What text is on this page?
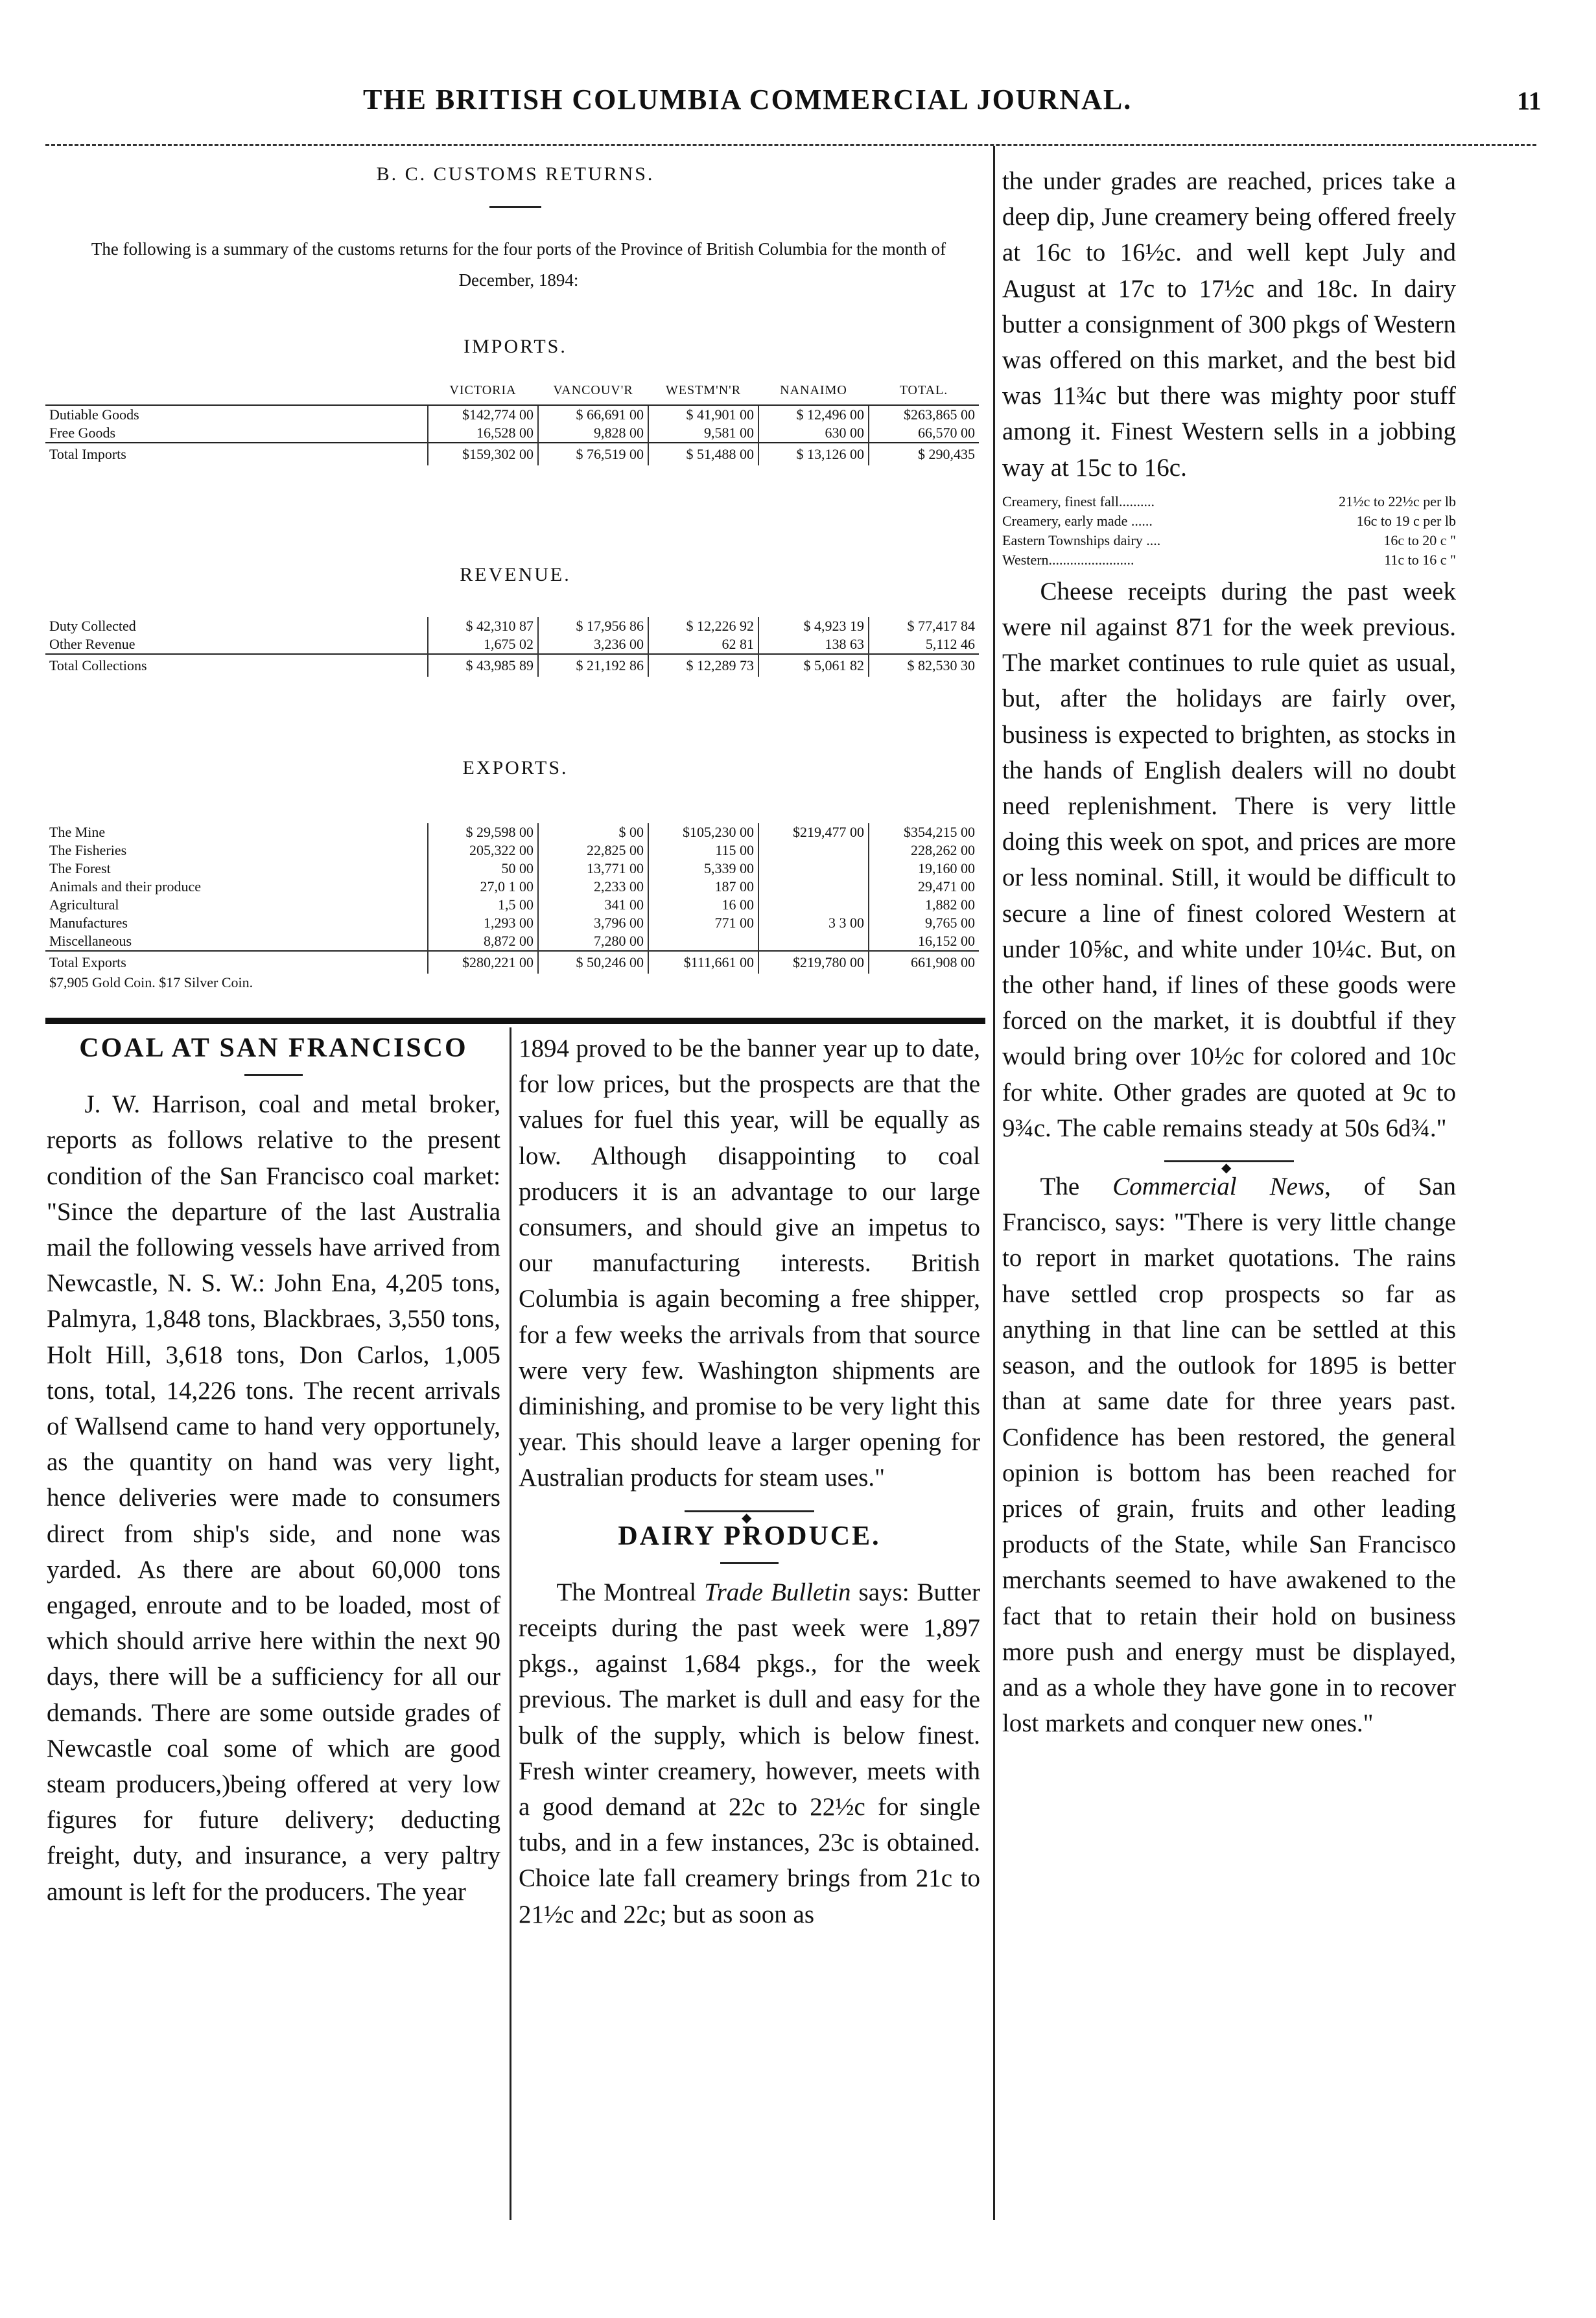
THE BRITISH COLUMBIA COMMERCIAL JOURNAL.	11
B. C. CUSTOMS RETURNS.
The following is a summary of the customs returns for the four ports of the Province of British Columbia for the month of December, 1894:
IMPORTS.
	VICTORIA	VANCOUV'R	WESTM'N'R	NANAIMO	TOTAL.
Dutiable Goods	$142,774 00	$ 66,691 00	$ 41,901 00	$ 12,496 00	$263,865 00
Free Goods	16,528 00	9,828 00	9,581 00	630 00	66,570 00
Total Imports	$159,302 00	$ 76,519 00	$ 51,488 00	$ 13,126 00	$ 290,435
REVENUE.
Duty Collected	$ 42,310 87	$ 17,956 86	$ 12,226 92	$ 4,923 19	$ 77,417 84
Other Revenue	1,675 02	3,236 00	62 81	138 63	5,112 46
Total Collections	$ 43,985 89	$ 21,192 86	$ 12,289 73	$ 5,061 82	$ 82,530 30
EXPORTS.
The Mine	$ 29,598 00	$ 00	$105,230 00	$219,477 00	$354,215 00
The Fisheries	205,322 00	22,825 00	115 00		228,262 00
The Forest	50 00	13,771 00	5,339 00		19,160 00
Animals and their produce	27,0 1 00	2,233 00	187 00		29,471 00
Agricultural	1,5 00	341 00	16 00		1,882 00
Manufactures	1,293 00	3,796 00	771 00	3 3 00	9,765 00
Miscellaneous	8,872 00	7,280 00			16,152 00
Total Exports	$280,221 00	$ 50,246 00	$111,661 00	$219,780 00	661,908 00
$7,905 Gold Coin. $17 Silver Coin.					
COAL AT SAN FRANCISCO

J. W. Harrison, coal and metal broker, reports as follows relative to the present condition of the San Francisco coal market: "Since the departure of the last Australia mail the following vessels have arrived from Newcastle, N. S. W.: John Ena, 4,205 tons, Palmyra, 1,848 tons, Blackbraes, 3,550 tons, Holt Hill, 3,618 tons, Don Carlos, 1,005 tons, total, 14,226 tons. The recent arrivals of Wallsend came to hand very opportunely, as the quantity on hand was very light, hence deliveries were made to consumers direct from ship's side, and none was yarded. As there are about 60,000 tons engaged, enroute and to be loaded, most of which should arrive here within the next 90 days, there will be a sufficiency for all our demands. There are some outside grades of Newcastle coal some of which are good steam producers,)being offered at very low figures for future delivery; deducting freight, duty, and insurance, a very paltry amount is left for the producers. The year

1894 proved to be the banner year up to date, for low prices, but the prospects are that the values for fuel this year, will be equally as low. Although disappointing to coal producers it is an advantage to our large consumers, and should give an impetus to our manufacturing interests. British Columbia is again becoming a free shipper, for a few weeks the arrivals from that source were very few. Washington shipments are diminishing, and promise to be very light this year. This should leave a larger opening for Australian products for steam uses."

◆
DAIRY PRODUCE.

The Montreal Trade Bulletin says: Butter receipts during the past week were 1,897 pkgs., against 1,684 pkgs., for the week previous. The market is dull and easy for the bulk of the supply, which is below finest. Fresh winter creamery, however, meets with a good demand at 22c to 22½c for single tubs, and in a few instances, 23c is obtained. Choice late fall creamery brings from 21c to 21½c and 22c; but as soon as

the under grades are reached, prices take a deep dip, June creamery being offered freely at 16c to 16½c. and well kept July and August at 17c to 17½c and 18c. In dairy butter a consignment of 300 pkgs of Western was offered on this market, and the best bid was 11¾c but there was mighty poor stuff among it. Finest Western sells in a jobbing way at 15c to 16c.

Creamery, finest fall..........	21½c to 22½c per lb
Creamery, early made ......	16c to 19 c per lb
Eastern Townships dairy ....	16c to 20 c "
Western........................	11c to 16 c "

Cheese receipts during the past week were nil against 871 for the week previous. The market continues to rule quiet as usual, but, after the holidays are fairly over, business is expected to brighten, as stocks in the hands of English dealers will no doubt need replenishment. There is very little doing this week on spot, and prices are more or less nominal. Still, it would be difficult to secure a line of finest colored Western at under 10⅝c, and white under 10¼c. But, on the other hand, if lines of these goods were forced on the market, it is doubtful if they would bring over 10½c for colored and 10c for white. Other grades are quoted at 9c to 9¾c. The cable remains steady at 50s 6d¾."

◆

The Commercial News, of San Francisco, says: "There is very little change to report in market quotations. The rains have settled crop prospects so far as anything in that line can be settled at this season, and the outlook for 1895 is better than at same date for three years past. Confidence has been restored, the general opinion is bottom has been reached for prices of grain, fruits and other leading products of the State, while San Francisco merchants seemed to have awakened to the fact that to retain their hold on business more push and energy must be displayed, and as a whole they have gone in to recover lost markets and conquer new ones."
